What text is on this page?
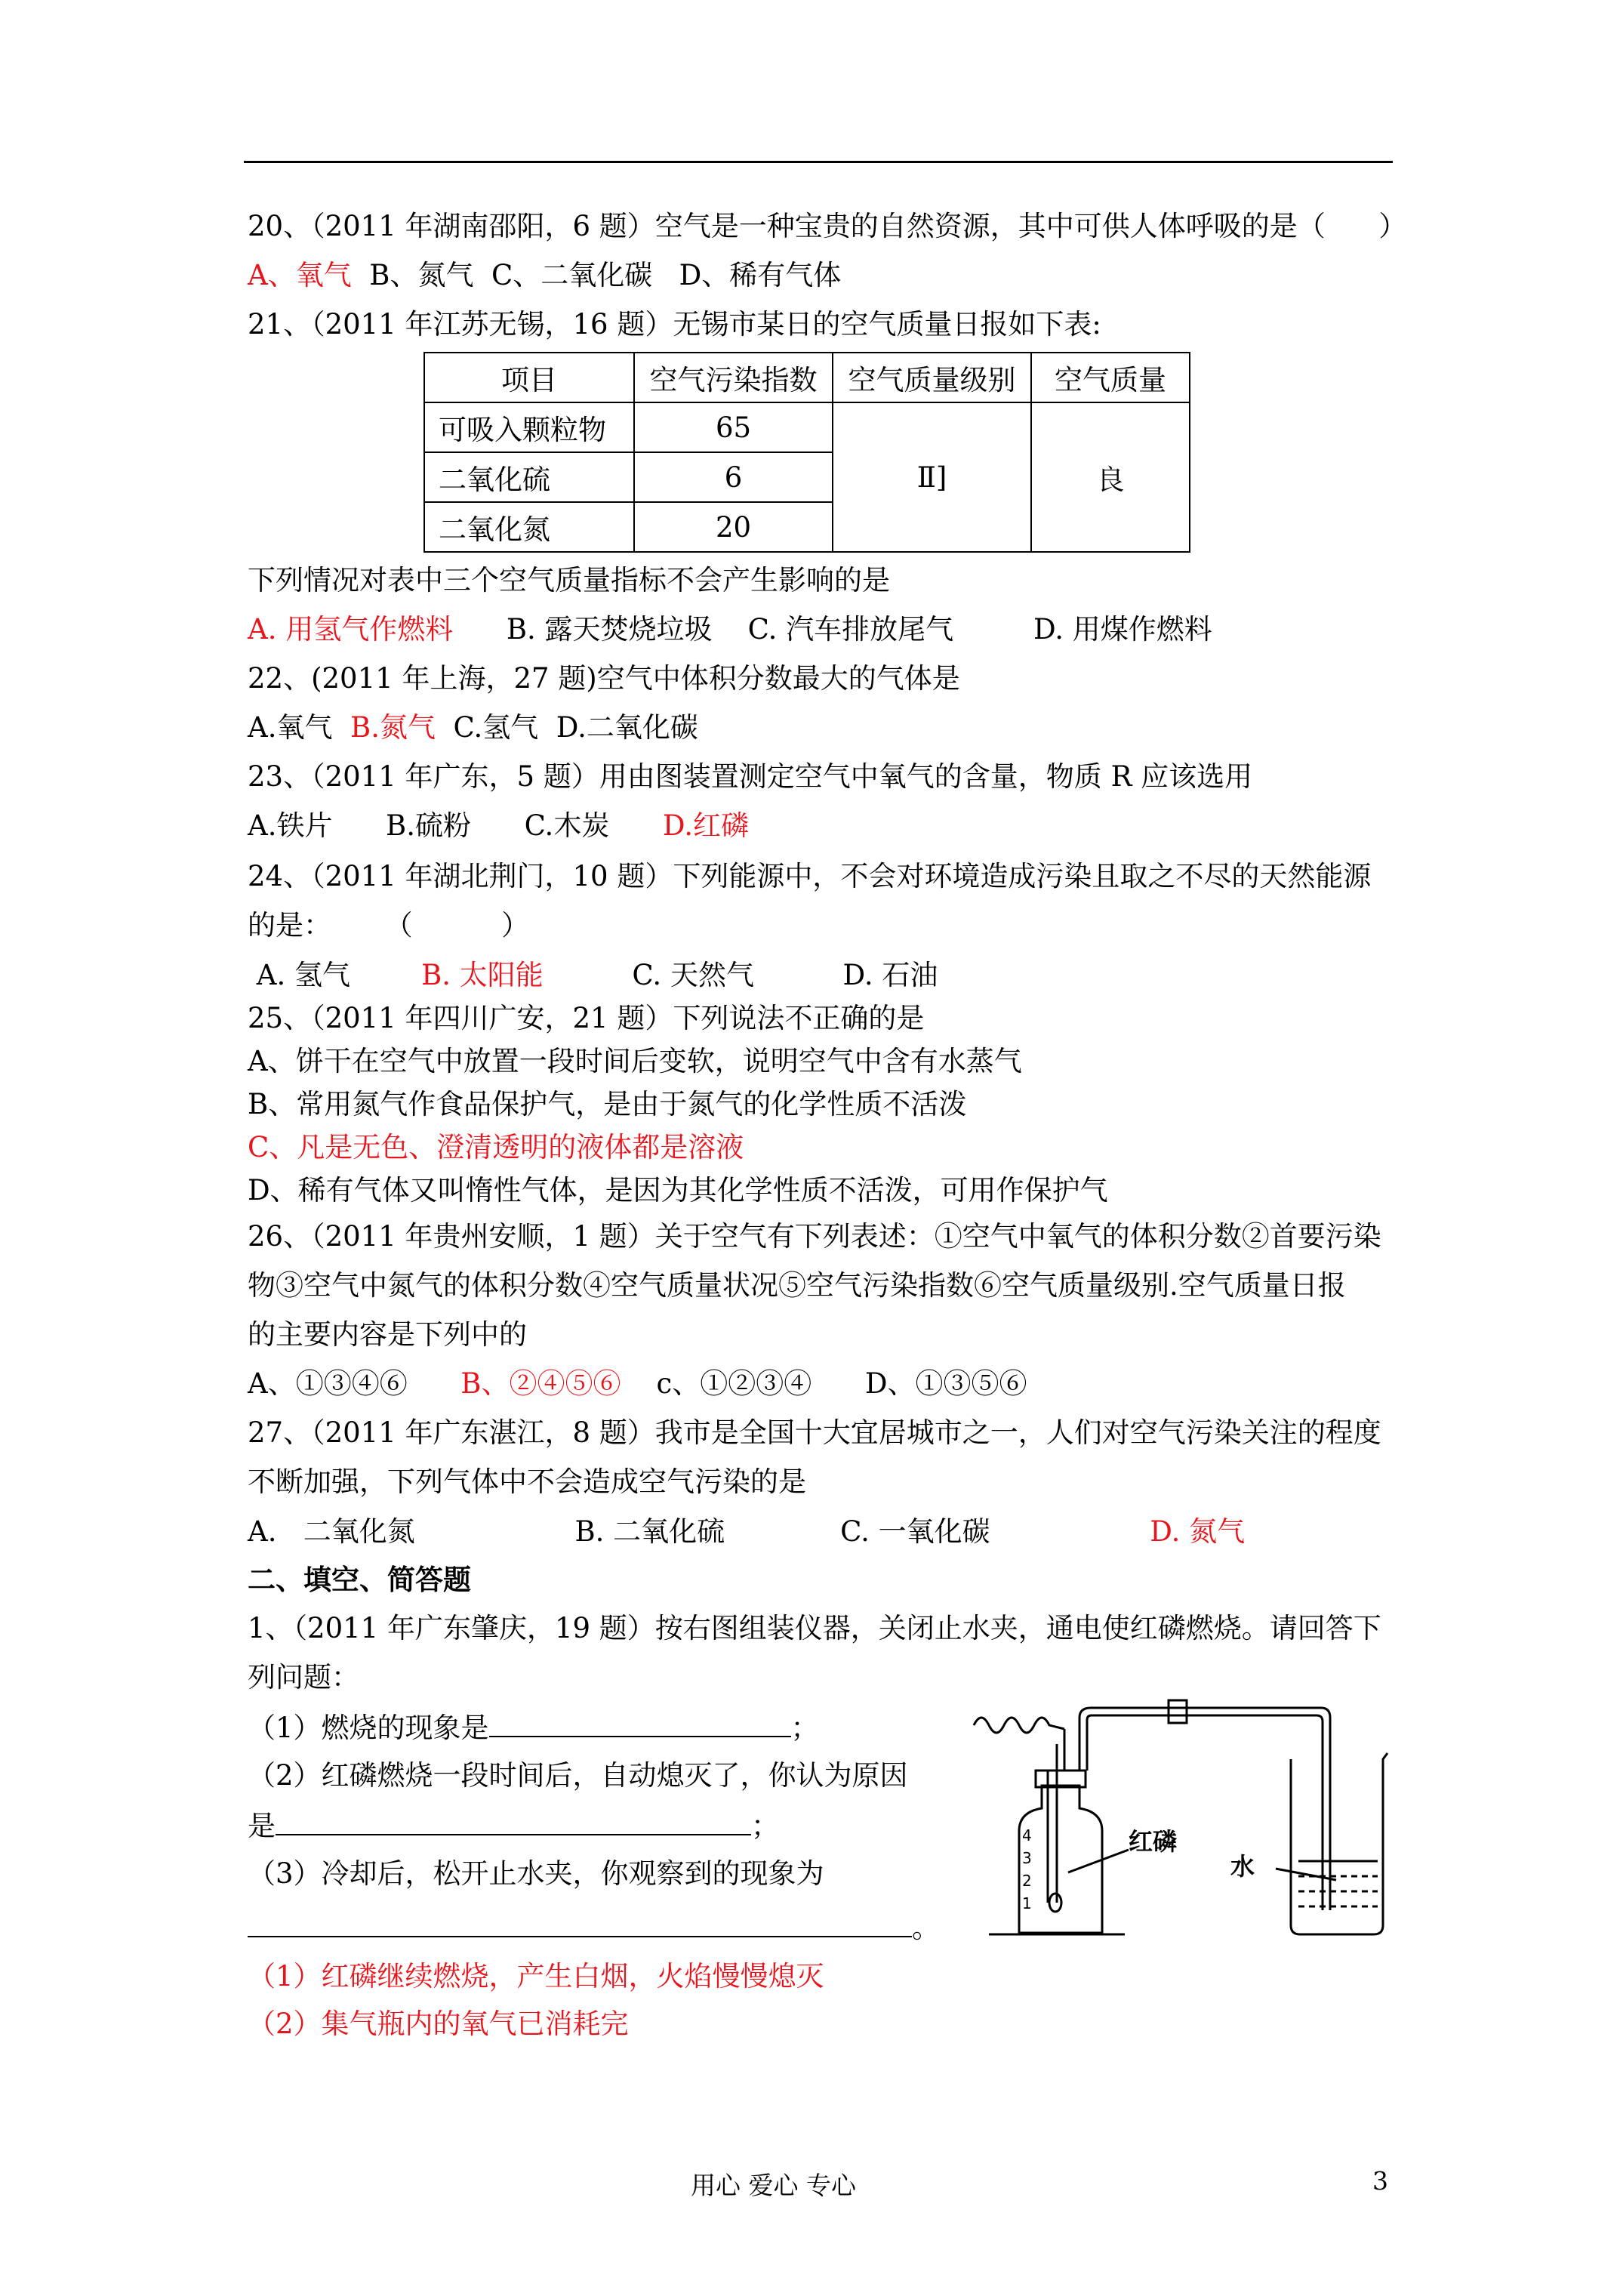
20、（2011 年湖南邵阳，6 题）空气是一种宝贵的自然资源，其中可供人体呼吸的是（      ）
A、氧气  B、氮气  C、二氧化碳   D、稀有气体
21、（2011 年江苏无锡，16 题）无锡市某日的空气质量日报如下表:
项目	空气污染指数	空气质量级别	空气质量
可吸入颗粒物	65	Ⅱ]	良
二氧化硫	6		
二氧化氮	20		
下列情况对表中三个空气质量指标不会产生影响的是
A. 用氢气作燃料      B. 露天焚烧垃圾    C. 汽车排放尾气         D. 用煤作燃料
22、(2011 年上海，27 题)空气中体积分数最大的气体是
A.氧气  B.氮气  C.氢气  D.二氧化碳
23、（2011 年广东，5 题）用由图装置测定空气中氧气的含量，物质 R 应该选用
A.铁片      B.硫粉      C.木炭      D.红磷
24、（2011 年湖北荆门，10 题）下列能源中，不会对环境造成污染且取之不尽的天然能源
的是：      （          ）
A. 氢气        B. 太阳能          C. 天然气          D. 石油
25、（2011 年四川广安，21 题）下列说法不正确的是
A、饼干在空气中放置一段时间后变软，说明空气中含有水蒸气
B、常用氮气作食品保护气，是由于氮气的化学性质不活泼
C、凡是无色、澄清透明的液体都是溶液
D、稀有气体又叫惰性气体，是因为其化学性质不活泼，可用作保护气
26、（2011 年贵州安顺，1 题）关于空气有下列表述：①空气中氧气的体积分数②首要污染
物③空气中氮气的体积分数④空气质量状况⑤空气污染指数⑥空气质量级别.空气质量日报
的主要内容是下列中的
A、①③④⑥      B、②④⑤⑥    c、①②③④      D、①③⑤⑥
27、（2011 年广东湛江，8 题）我市是全国十大宜居城市之一，人们对空气污染关注的程度
不断加强，下列气体中不会造成空气污染的是
A.   二氧化氮                  B. 二氧化硫             C. 一氧化碳                  D. 氮气
二、填空、简答题
1、（2011 年广东肇庆，19 题）按右图组装仪器，关闭止水夹，通电使红磷燃烧。请回答下
列问题：
（1）燃烧的现象是	；
（2）红磷燃烧一段时间后，自动熄灭了，你认为原因
是	；
（3）冷却后，松开止水夹，你观察到的现象为
。
（1）红磷继续燃烧，产生白烟，火焰慢慢熄灭
（2）集气瓶内的氧气已消耗完
4
3
2
1
红磷
水
用心 爱心 专心	3
